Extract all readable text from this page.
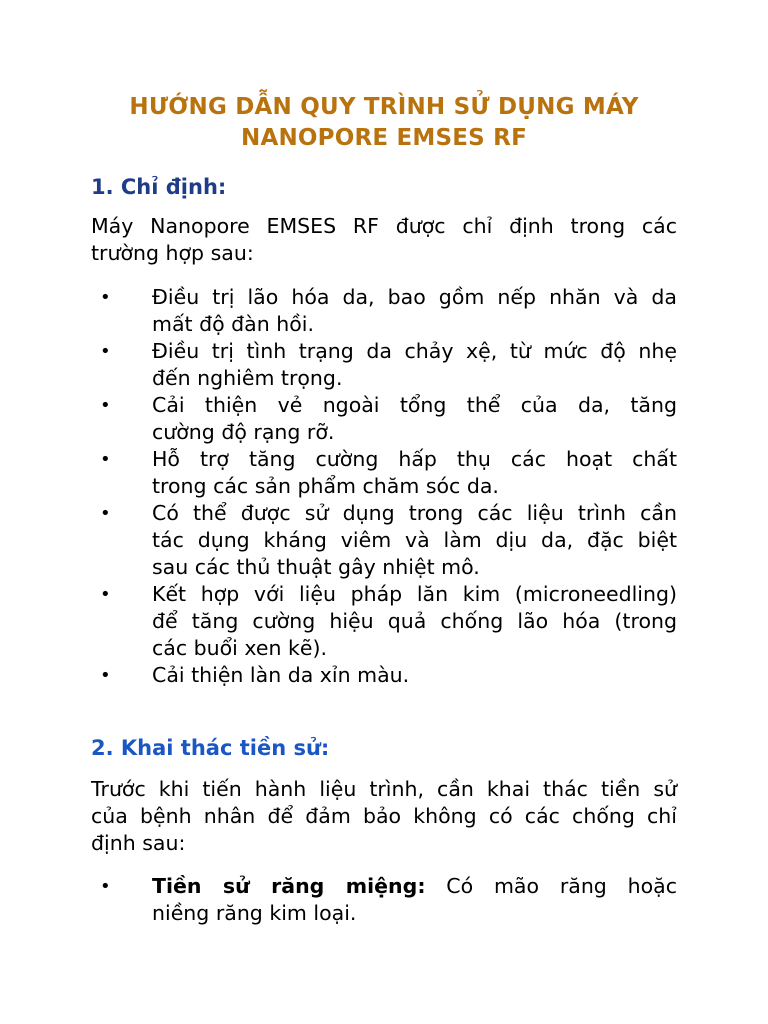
HƯỚNG DẪN QUY TRÌNH SỬ DỤNG MÁY
NANOPORE EMSES RF
1. Chỉ định:

Máy Nanopore EMSES RF được chỉ định trong các
trường hợp sau:

• Điều trị lão hóa da, bao gồm nếp nhăn và da
mất độ đàn hồi.
• Điều trị tình trạng da chảy xệ, từ mức độ nhẹ
đến nghiêm trọng.
• Cải thiện vẻ ngoài tổng thể của da, tăng
cường độ rạng rỡ.
• Hỗ trợ tăng cường hấp thụ các hoạt chất
trong các sản phẩm chăm sóc da.
• Có thể được sử dụng trong các liệu trình cần
tác dụng kháng viêm và làm dịu da, đặc biệt
sau các thủ thuật gây nhiệt mô.
• Kết hợp với liệu pháp lăn kim (microneedling)
để tăng cường hiệu quả chống lão hóa (trong
các buổi xen kẽ).
• Cải thiện làn da xỉn màu.
2. Khai thác tiền sử:

Trước khi tiến hành liệu trình, cần khai thác tiền sử
của bệnh nhân để đảm bảo không có các chống chỉ
định sau:

• Tiền sử răng miệng: Có mão răng hoặc
niềng răng kim loại.
